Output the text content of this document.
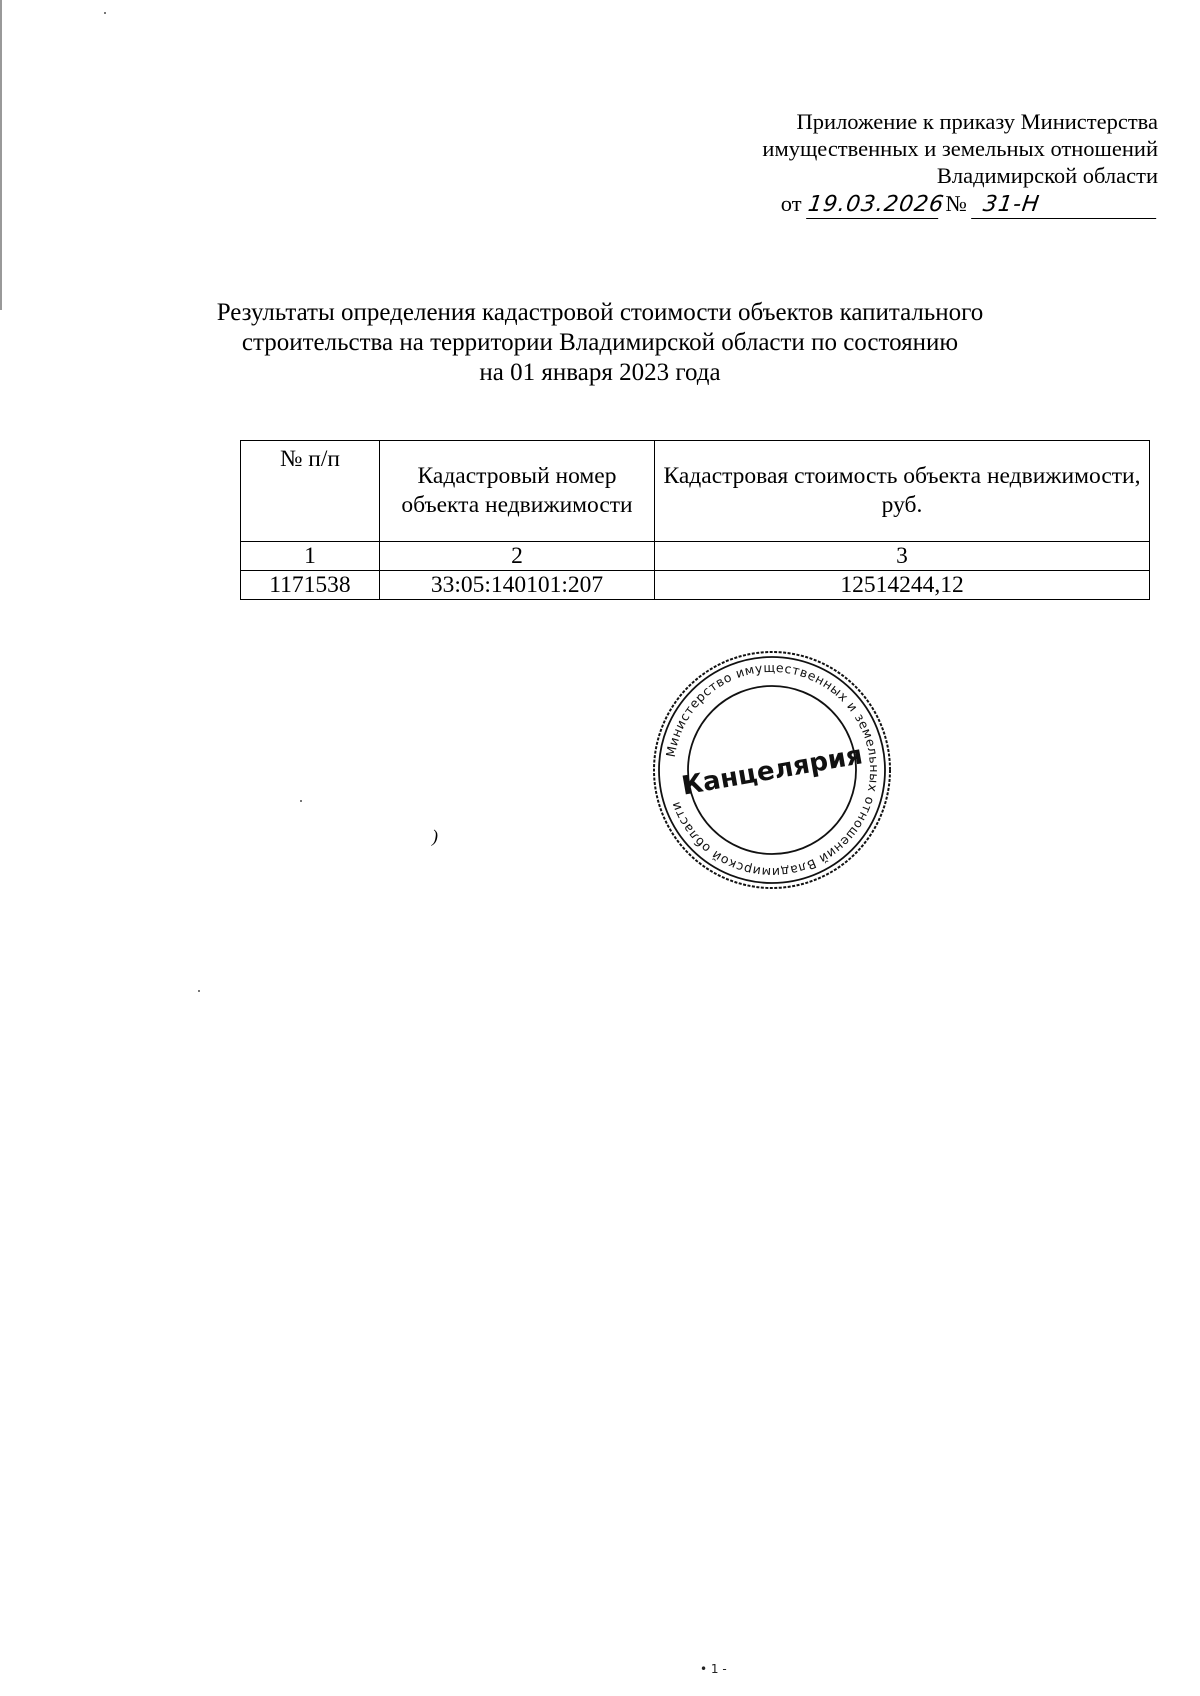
Приложение к приказу Министерства
имущественных и земельных отношений
Владимирской области
от 19.03.2026 № 31-Н
Результаты определения кадастровой стоимости объектов капитального
строительства на территории Владимирской области по состоянию
на 01 января 2023 года
№ п/п	Кадастровый номер объекта недвижимости	Кадастровая стоимость объекта недвижимости, руб.
1	2	3
1171538	33:05:140101:207	12514244,12
Министерство имущественных и земельных отношений Владимирской области
Канцелярия
)
• 1 -
